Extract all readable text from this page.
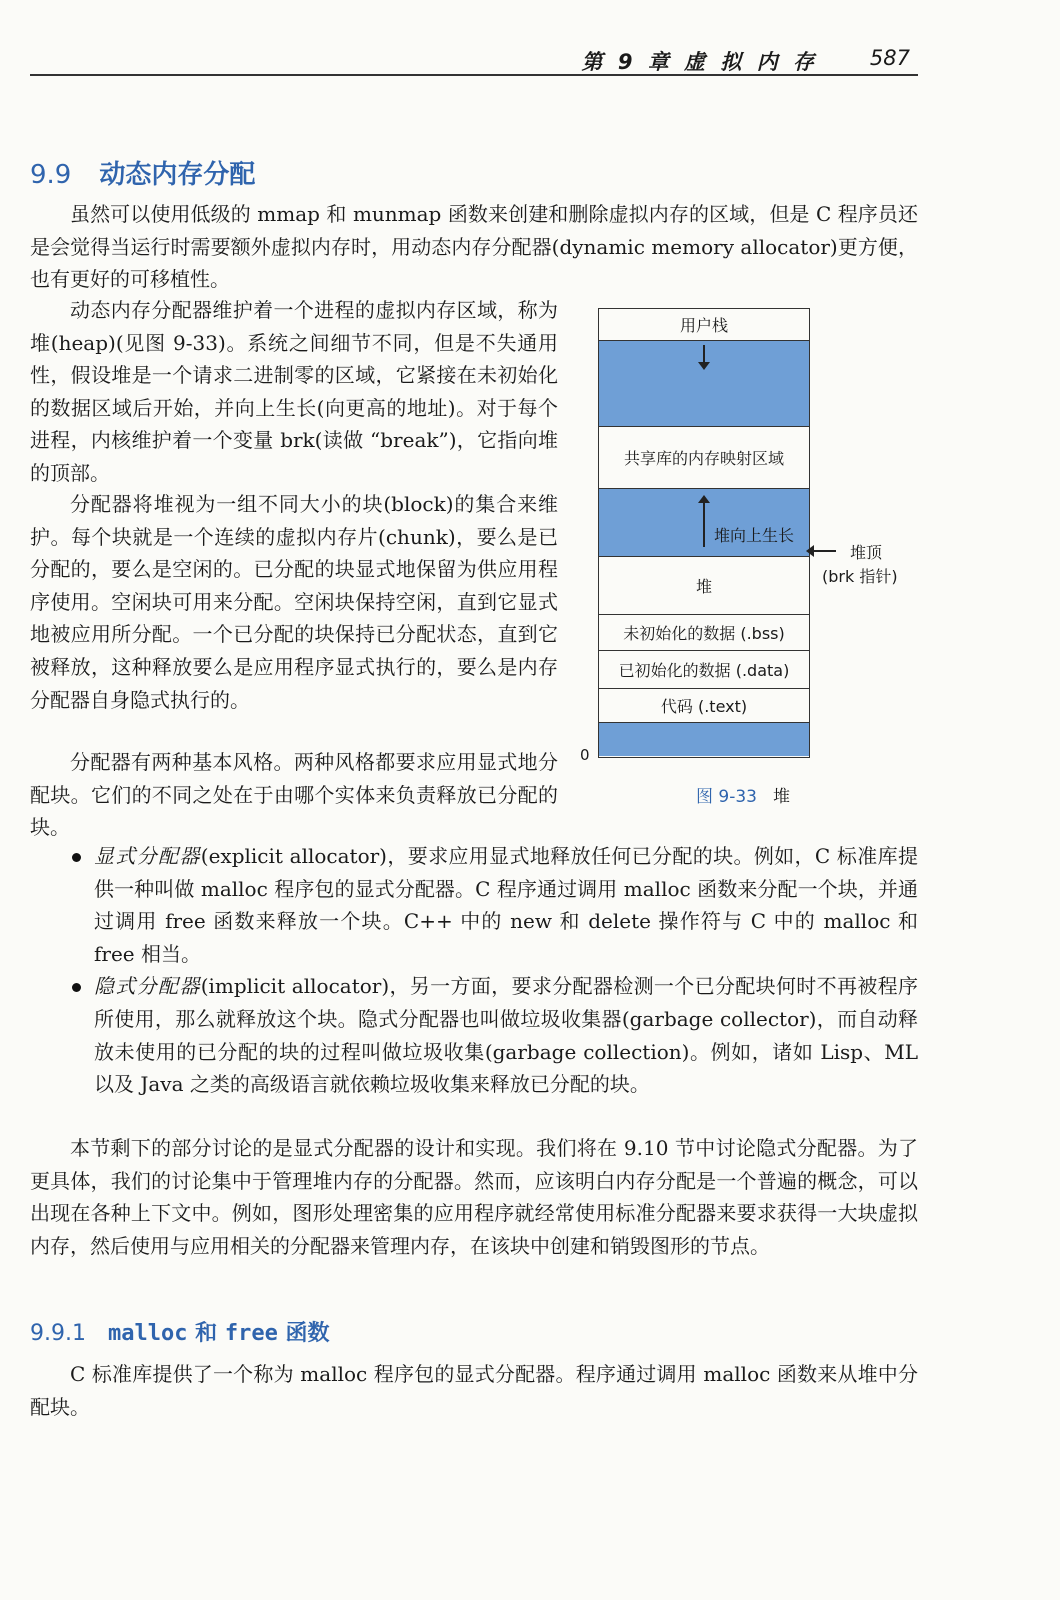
第 9 章 虚 拟 内 存 587
9.9 动态内存分配

虽然可以使用低级的 mmap 和 munmap 函数来创建和删除虚拟内存的区域，但是 C 程序员还是会觉得当运行时需要额外虚拟内存时，用动态内存分配器(dynamic memory allocator)更方便，也有更好的可移植性。

动态内存分配器维护着一个进程的虚拟内存区域，称为堆(heap)(见图 9-33)。系统之间细节不同，但是不失通用性，假设堆是一个请求二进制零的区域，它紧接在未初始化的数据区域后开始，并向上生长(向更高的地址)。对于每个进程，内核维护着一个变量 brk(读做 “break”)，它指向堆的顶部。

分配器将堆视为一组不同大小的块(block)的集合来维护。每个块就是一个连续的虚拟内存片(chunk)，要么是已分配的，要么是空闲的。已分配的块显式地保留为供应用程序使用。空闲块可用来分配。空闲块保持空闲，直到它显式地被应用所分配。一个已分配的块保持已分配状态，直到它被释放，这种释放要么是应用程序显式执行的，要么是内存分配器自身隐式执行的。

分配器有两种基本风格。两种风格都要求应用显式地分配块。它们的不同之处在于由哪个实体来负责释放已分配的块。

用户栈
共享库的内存映射区域
堆向上生长
堆
未初始化的数据 (.bss)
已初始化的数据 (.data)
代码 (.text)
堆顶
(brk 指针)
0
图 9-33 堆
显式分配器(explicit allocator)，要求应用显式地释放任何已分配的块。例如，C 标准库提供一种叫做 malloc 程序包的显式分配器。C 程序通过调用 malloc 函数来分配一个块，并通过调用 free 函数来释放一个块。C++ 中的 new 和 delete 操作符与 C 中的 malloc 和 free 相当。
隐式分配器(implicit allocator)，另一方面，要求分配器检测一个已分配块何时不再被程序所使用，那么就释放这个块。隐式分配器也叫做垃圾收集器(garbage collector)，而自动释放未使用的已分配的块的过程叫做垃圾收集(garbage collection)。例如，诸如 Lisp、ML 以及 Java 之类的高级语言就依赖垃圾收集来释放已分配的块。

本节剩下的部分讨论的是显式分配器的设计和实现。我们将在 9.10 节中讨论隐式分配器。为了更具体，我们的讨论集中于管理堆内存的分配器。然而，应该明白内存分配是一个普遍的概念，可以出现在各种上下文中。例如，图形处理密集的应用程序就经常使用标准分配器来要求获得一大块虚拟内存，然后使用与应用相关的分配器来管理内存，在该块中创建和销毁图形的节点。

9.9.1 malloc 和 free 函数

C 标准库提供了一个称为 malloc 程序包的显式分配器。程序通过调用 malloc 函数来从堆中分配块。
